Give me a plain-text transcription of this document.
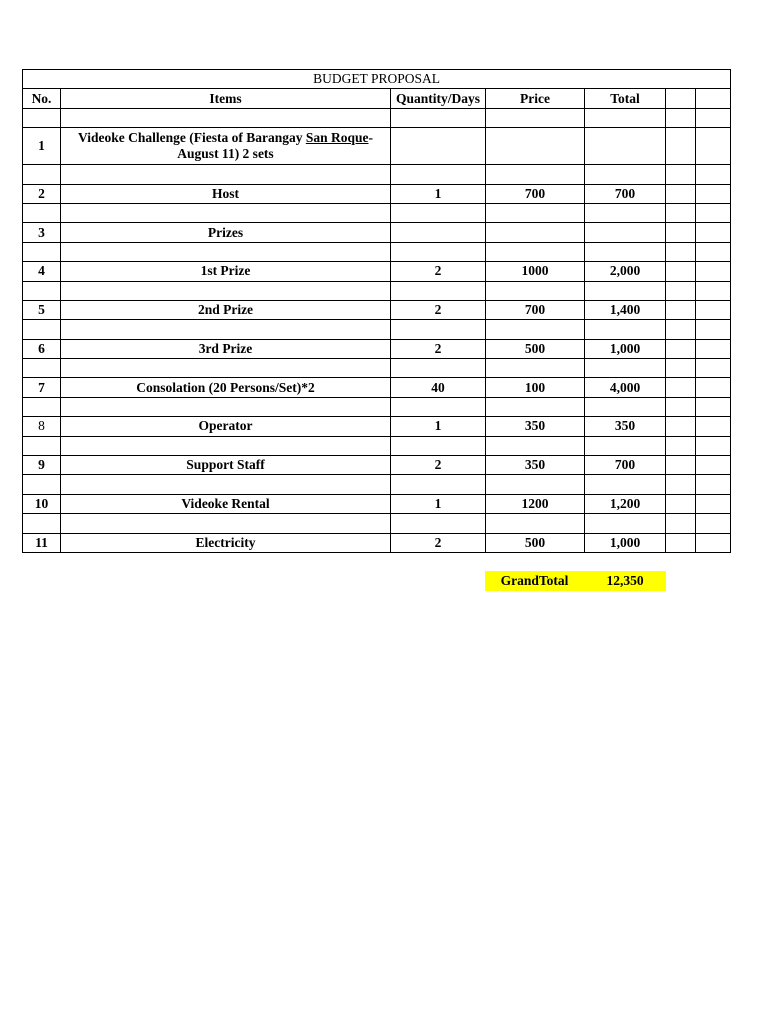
BUDGET PROPOSAL						
No.	Items	Quantity/Days	Price	Total		

1	Videoke Challenge (Fiesta of Barangay San Roque-August 11) 2 sets					

2	Host	1	700	700		

3	Prizes					

4	1st Prize	2	1000	2,000		

5	2nd Prize	2	700	1,400		

6	3rd Prize	2	500	1,000		

7	Consolation (20 Persons/Set)*2	40	100	4,000		

8	Operator	1	350	350		

9	Support Staff	2	350	700		

10	Videoke Rental	1	1200	1,200		

11	Electricity	2	500	1,000		
GrandTotal	12,350
